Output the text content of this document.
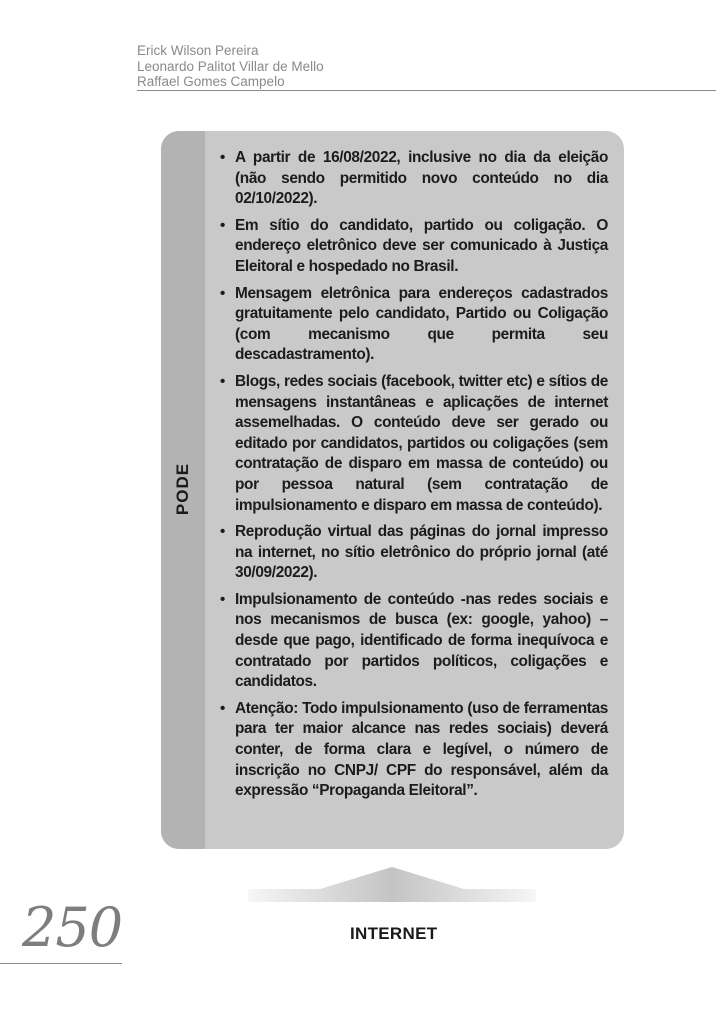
Erick Wilson Pereira
Leonardo Palitot Villar de Mello
Raffael Gomes Campelo
PODE
• A partir de 16/08/2022, inclusive no dia da eleição (não sendo permitido novo conteúdo no dia 02/10/2022).
• Em sítio do candidato, partido ou coligação. O endereço eletrônico deve ser comunicado à Justiça Eleitoral e hospedado no Brasil.
• Mensagem eletrônica para endereços cadastrados gratuitamente pelo candidato, Partido ou Coligação (com mecanismo que permita seu descadastramento).
• Blogs, redes sociais (facebook, twitter etc) e sítios de mensagens instantâneas e aplicações de internet assemelhadas. O conteúdo deve ser gerado ou editado por candidatos, partidos ou coligações (sem contratação de disparo em massa de conteúdo) ou por pessoa natural (sem contratação de impulsionamento e disparo em massa de conteúdo).
• Reprodução virtual das páginas do jornal impresso na internet, no sítio eletrônico do próprio jornal (até 30/09/2022).
• Impulsionamento de conteúdo -nas redes sociais e nos mecanismos de busca (ex: google, yahoo) – desde que pago, identificado de forma inequívoca e contratado por partidos políticos, coligações e candidatos.
• Atenção: Todo impulsionamento (uso de ferramentas para ter maior alcance nas redes sociais) deverá conter, de forma clara e legível, o número de inscrição no CNPJ/ CPF do responsável, além da expressão “Propaganda Eleitoral”.
INTERNET
250
